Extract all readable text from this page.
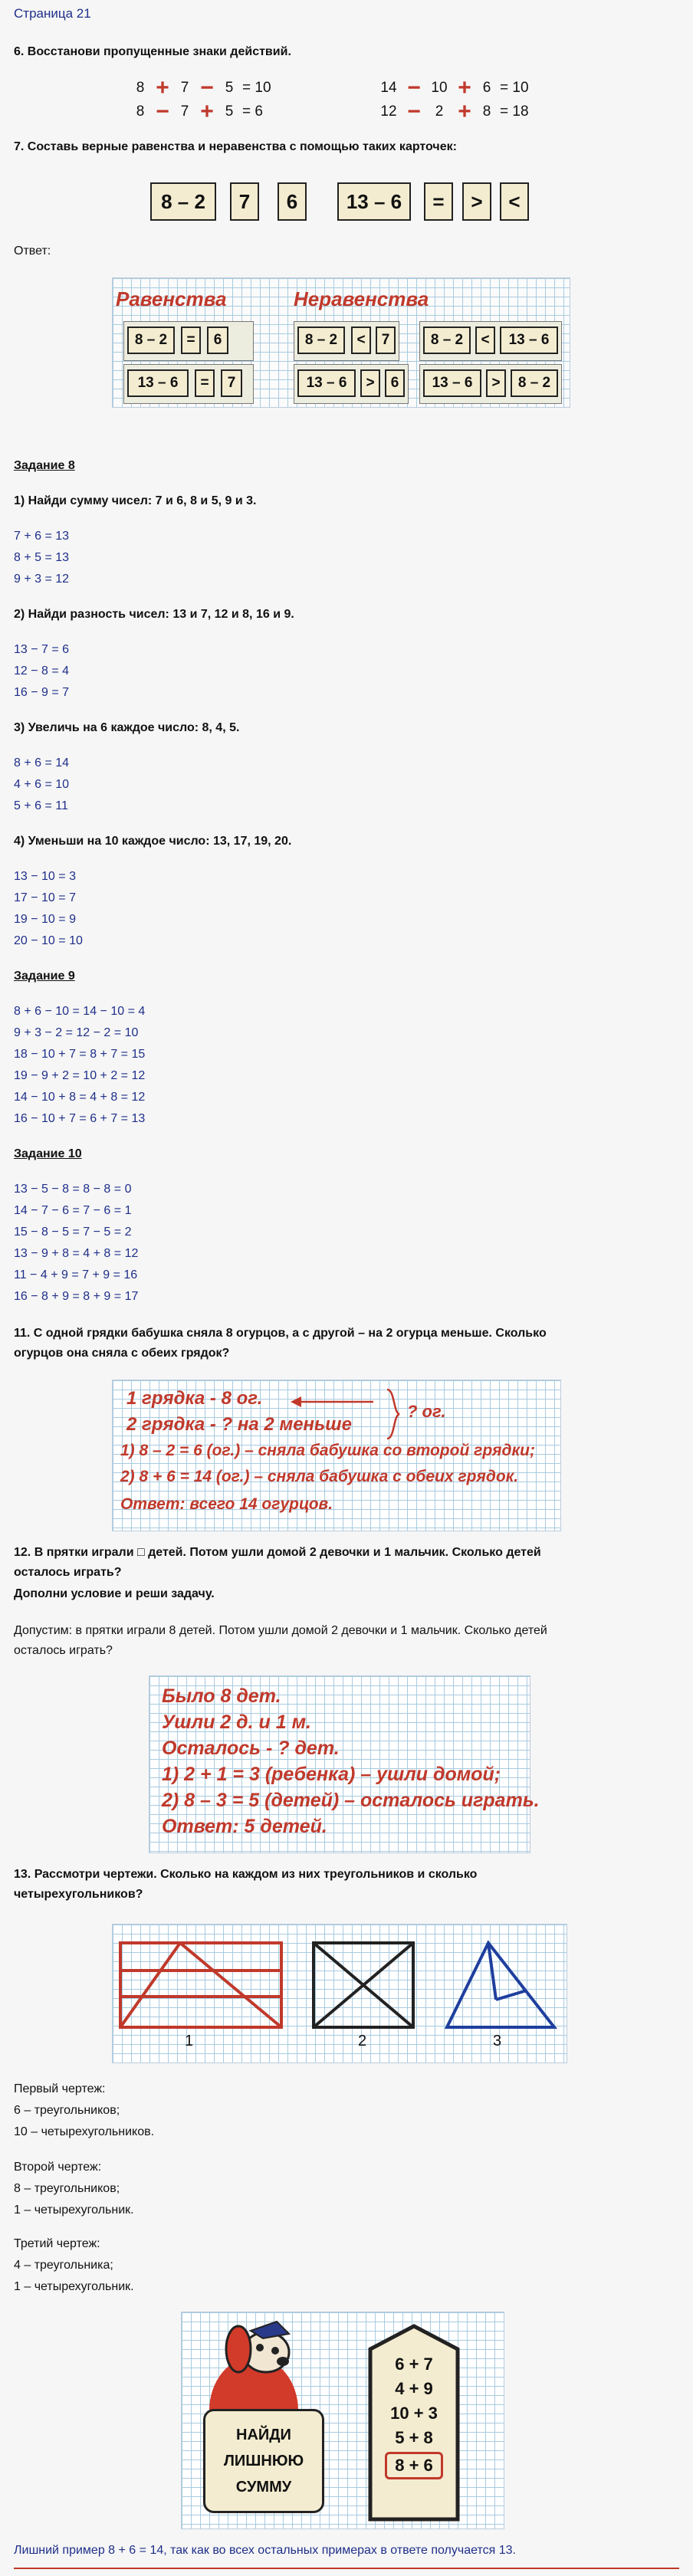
Страница 21
6. Восстанови пропущенные знаки действий.
8 + 7 − 5 = 10
8 − 7 + 5 = 6
14 − 10 + 6 = 10
12 − 2 + 8 = 18
7. Составь верные равенства и неравенства с помощью таких карточек:
8 – 2	7	6	13 – 6	=	>	<
Ответ:
Равенства	Неравенства
8 – 2	=	6
13 – 6	=	7
8 – 2	<	7	8 – 2	<	13 – 6
13 – 6	>	6	13 – 6	>	8 – 2
Задание 8
1) Найди сумму чисел: 7 и 6, 8 и 5, 9 и 3.
7 + 6 = 13
8 + 5 = 13
9 + 3 = 12
2) Найди разность чисел: 13 и 7, 12 и 8, 16 и 9.
13 − 7 = 6
12 − 8 = 4
16 − 9 = 7
3) Увеличь на 6 каждое число: 8, 4, 5.
8 + 6 = 14
4 + 6 = 10
5 + 6 = 11
4) Уменьши на 10 каждое число: 13, 17, 19, 20.
13 − 10 = 3
17 − 10 = 7
19 − 10 = 9
20 − 10 = 10
Задание 9
8 + 6 − 10 = 14 − 10 = 4
9 + 3 − 2 = 12 − 2 = 10
18 − 10 + 7 = 8 + 7 = 15
19 − 9 + 2 = 10 + 2 = 12
14 − 10 + 8 = 4 + 8 = 12
16 − 10 + 7 = 6 + 7 = 13
Задание 10
13 − 5 − 8 = 8 − 8 = 0
14 − 7 − 6 = 7 − 6 = 1
15 − 8 − 5 = 7 − 5 = 2
13 − 9 + 8 = 4 + 8 = 12
11 − 4 + 9 = 7 + 9 = 16
16 − 8 + 9 = 8 + 9 = 17
11. С одной грядки бабушка сняла 8 огурцов, а с другой – на 2 огурца меньше. Сколько
огурцов она сняла с обеих грядок?
1 грядка - 8 ог.
2 грядка - ? на 2 меньше
? ог.
1) 8 – 2 = 6 (ог.) – сняла бабушка со второй грядки;
2) 8 + 6 = 14 (ог.) – сняла бабушка с обеих грядок.
Ответ: всего 14 огурцов.
12. В прятки играли □ детей. Потом ушли домой 2 девочки и 1 мальчик. Сколько детей
осталось играть?
Дополни условие и реши задачу.
Допустим: в прятки играли 8 детей. Потом ушли домой 2 девочки и 1 мальчик. Сколько детей
осталось играть?
Было 8 дет.
Ушли 2 д. и 1 м.
Осталось - ? дет.
1) 2 + 1 = 3 (ребенка) – ушли домой;
2) 8 – 3 = 5 (детей) – осталось играть.
Ответ: 5 детей.
13. Рассмотри чертежи. Сколько на каждом из них треугольников и сколько
четырехугольников?
1	2	3
Первый чертеж:
6 – треугольников;
10 – четырехугольников.
Второй чертеж:
8 – треугольников;
1 – четырехугольник.
Третий чертеж:
4 – треугольника;
1 – четырехугольник.
НАЙДИ
ЛИШНЮЮ
СУММУ
6 + 7
4 + 9
10 + 3
5 + 8
8 + 6
Лишний пример 8 + 6 = 14, так как во всех остальных примерах в ответе получается 13.
